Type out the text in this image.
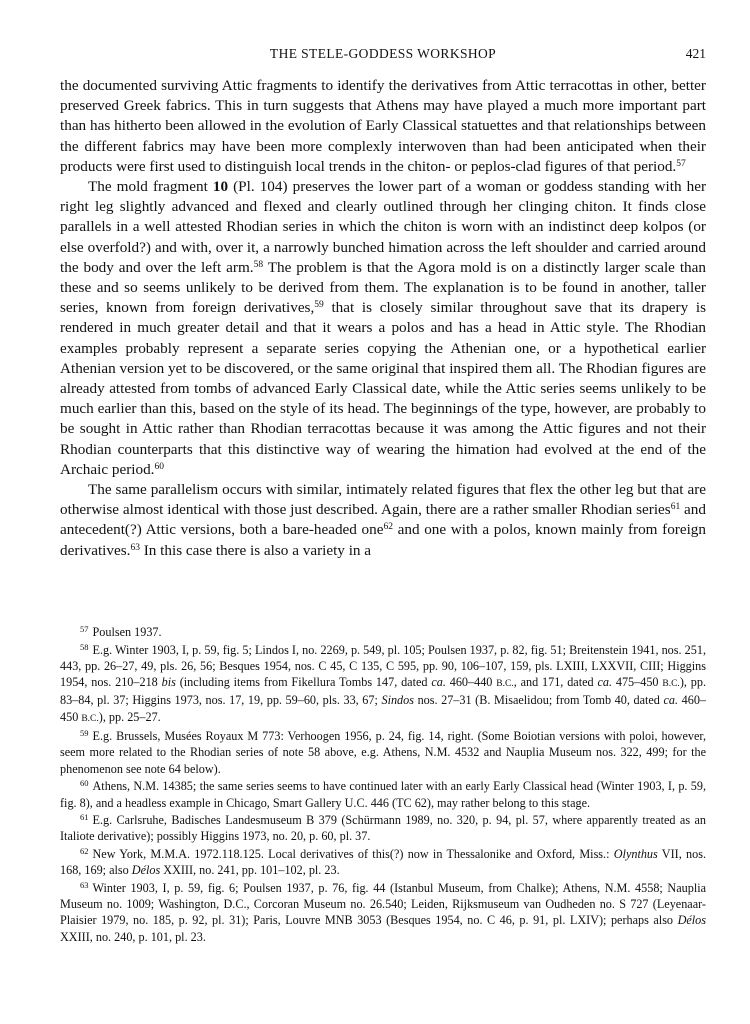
THE STELE-GODDESS WORKSHOP	421

the documented surviving Attic fragments to identify the derivatives from Attic terracottas in other, better preserved Greek fabrics. This in turn suggests that Athens may have played a much more important part than has hitherto been allowed in the evolution of Early Classical statuettes and that relationships between the different fabrics may have been more complexly interwoven than had been anticipated when their products were first used to distinguish local trends in the chiton- or peplos-clad figures of that period.$^{57}$

The mold fragment 10 (Pl. 104) preserves the lower part of a woman or goddess standing with her right leg slightly advanced and flexed and clearly outlined through her clinging chiton. It finds close parallels in a well attested Rhodian series in which the chiton is worn with an indistinct deep kolpos (or else overfold?) and with, over it, a narrowly bunched himation across the left shoulder and carried around the body and over the left arm.$^{58}$ The problem is that the Agora mold is on a distinctly larger scale than these and so seems unlikely to be derived from them. The explanation is to be found in another, taller series, known from foreign derivatives,$^{59}$ that is closely similar throughout save that its drapery is rendered in much greater detail and that it wears a polos and has a head in Attic style. The Rhodian examples probably represent a separate series copying the Athenian one, or a hypothetical earlier Athenian version yet to be discovered, or the same original that inspired them all. The Rhodian figures are already attested from tombs of advanced Early Classical date, while the Attic series seems unlikely to be much earlier than this, based on the style of its head. The beginnings of the type, however, are probably to be sought in Attic rather than Rhodian terracottas because it was among the Attic figures and not their Rhodian counterparts that this distinctive way of wearing the himation had evolved at the end of the Archaic period.$^{60}$

The same parallelism occurs with similar, intimately related figures that flex the other leg but that are otherwise almost identical with those just described. Again, there are a rather smaller Rhodian series$^{61}$ and antecedent(?) Attic versions, both a bare-headed one$^{62}$ and one with a polos, known mainly from foreign derivatives.$^{63}$ In this case there is also a variety in a

$^{57}$ Poulsen 1937.

$^{58}$ E.g. Winter 1903, I, p. 59, fig. 5; Lindos I, no. 2269, p. 549, pl. 105; Poulsen 1937, p. 82, fig. 51; Breitenstein 1941, nos. 251, 443, pp. 26–27, 49, pls. 26, 56; Besques 1954, nos. C 45, C 135, C 595, pp. 90, 106–107, 159, pls. LXIII, LXXVII, CIII; Higgins 1954, nos. 210–218 bis (including items from Fikellura Tombs 147, dated ca. 460–440 B.C., and 171, dated ca. 475–450 B.C.), pp. 83–84, pl. 37; Higgins 1973, nos. 17, 19, pp. 59–60, pls. 33, 67; Sindos nos. 27–31 (B. Misaelidou; from Tomb 40, dated ca. 460–450 B.C.), pp. 25–27.

$^{59}$ E.g. Brussels, Musées Royaux M 773: Verhoogen 1956, p. 24, fig. 14, right. (Some Boiotian versions with poloi, however, seem more related to the Rhodian series of note 58 above, e.g. Athens, N.M. 4532 and Nauplia Museum nos. 322, 499; for the phenomenon see note 64 below).

$^{60}$ Athens, N.M. 14385; the same series seems to have continued later with an early Early Classical head (Winter 1903, I, p. 59, fig. 8), and a headless example in Chicago, Smart Gallery U.C. 446 (TC 62), may rather belong to this stage.

$^{61}$ E.g. Carlsruhe, Badisches Landesmuseum B 379 (Schürmann 1989, no. 320, p. 94, pl. 57, where apparently treated as an Italiote derivative); possibly Higgins 1973, no. 20, p. 60, pl. 37.

$^{62}$ New York, M.M.A. 1972.118.125. Local derivatives of this(?) now in Thessalonike and Oxford, Miss.: Olynthus VII, nos. 168, 169; also Délos XXIII, no. 241, pp. 101–102, pl. 23.

$^{63}$ Winter 1903, I, p. 59, fig. 6; Poulsen 1937, p. 76, fig. 44 (Istanbul Museum, from Chalke); Athens, N.M. 4558; Nauplia Museum no. 1009; Washington, D.C., Corcoran Museum no. 26.540; Leiden, Rijksmuseum van Oudheden no. S 727 (Leyenaar-Plaisier 1979, no. 185, p. 92, pl. 31); Paris, Louvre MNB 3053 (Besques 1954, no. C 46, p. 91, pl. LXIV); perhaps also Délos XXIII, no. 240, p. 101, pl. 23.
